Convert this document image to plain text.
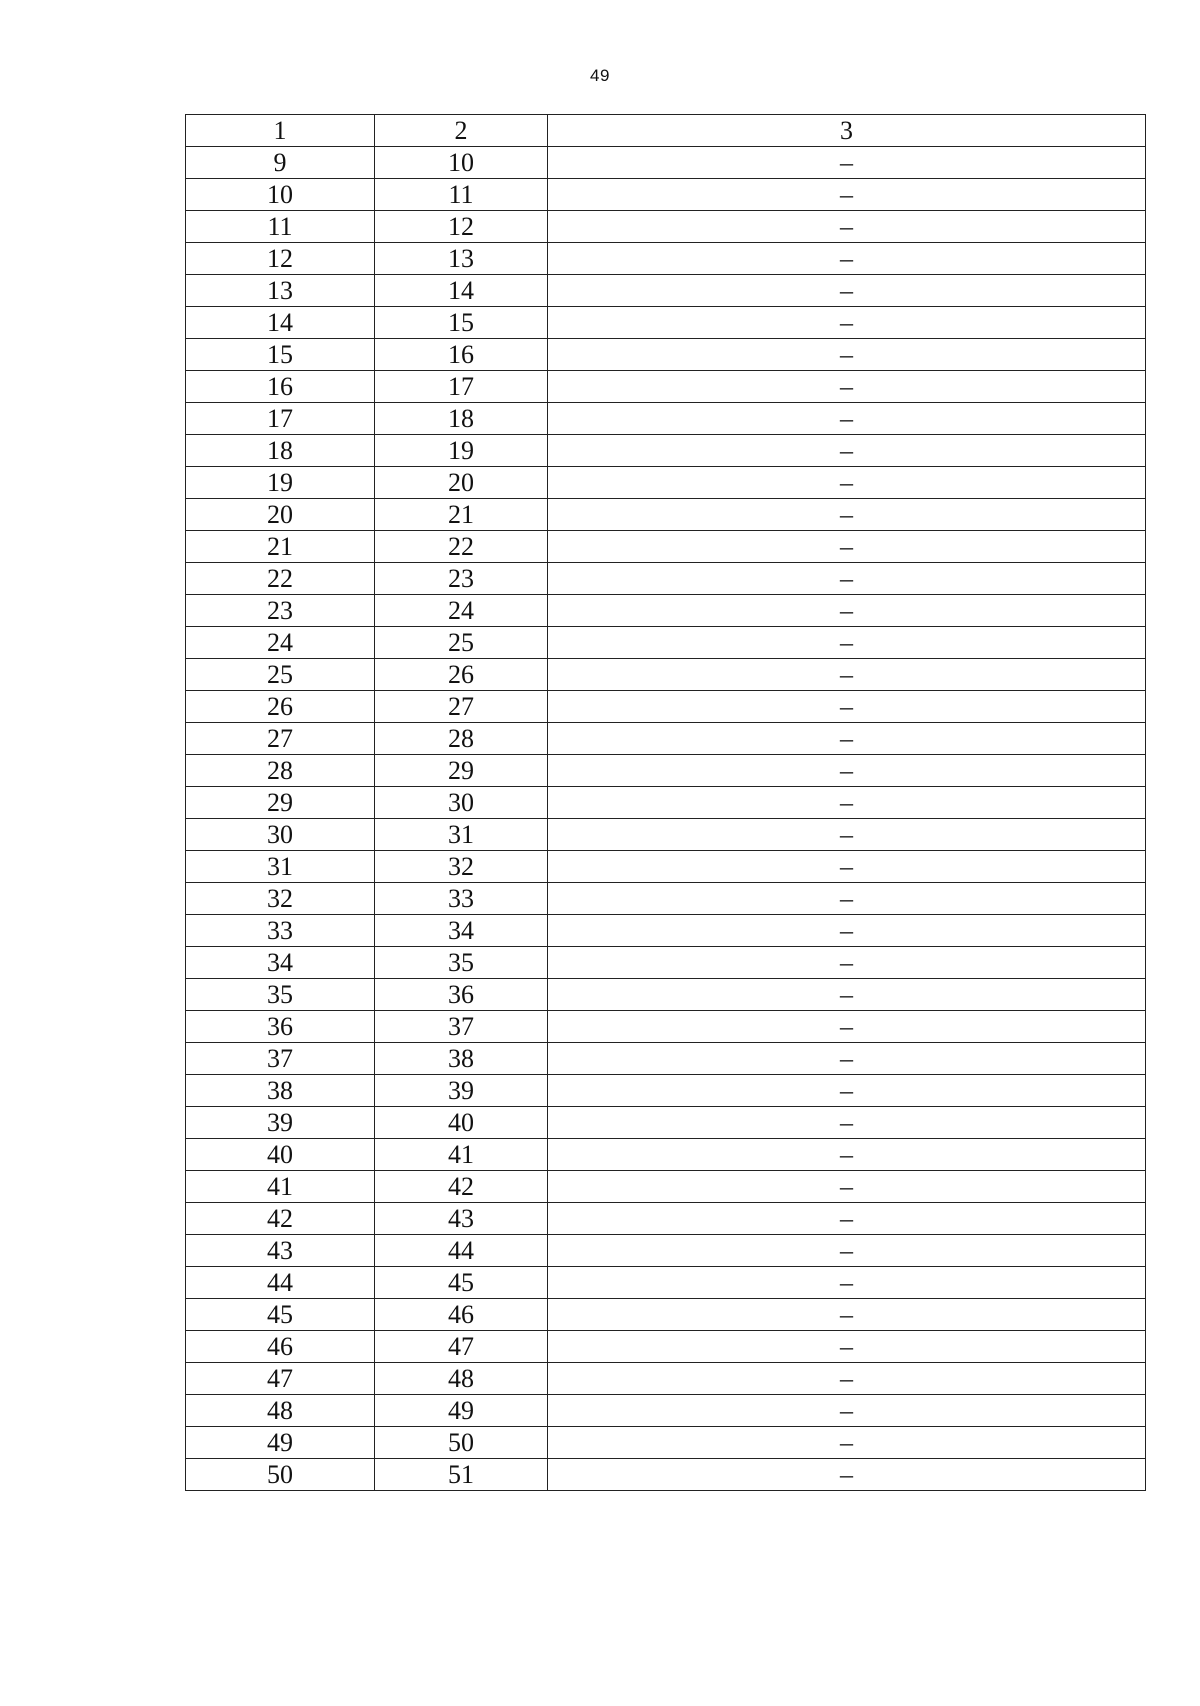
49
1	2	3
9	10	–
10	11	–
11	12	–
12	13	–
13	14	–
14	15	–
15	16	–
16	17	–
17	18	–
18	19	–
19	20	–
20	21	–
21	22	–
22	23	–
23	24	–
24	25	–
25	26	–
26	27	–
27	28	–
28	29	–
29	30	–
30	31	–
31	32	–
32	33	–
33	34	–
34	35	–
35	36	–
36	37	–
37	38	–
38	39	–
39	40	–
40	41	–
41	42	–
42	43	–
43	44	–
44	45	–
45	46	–
46	47	–
47	48	–
48	49	–
49	50	–
50	51	–
